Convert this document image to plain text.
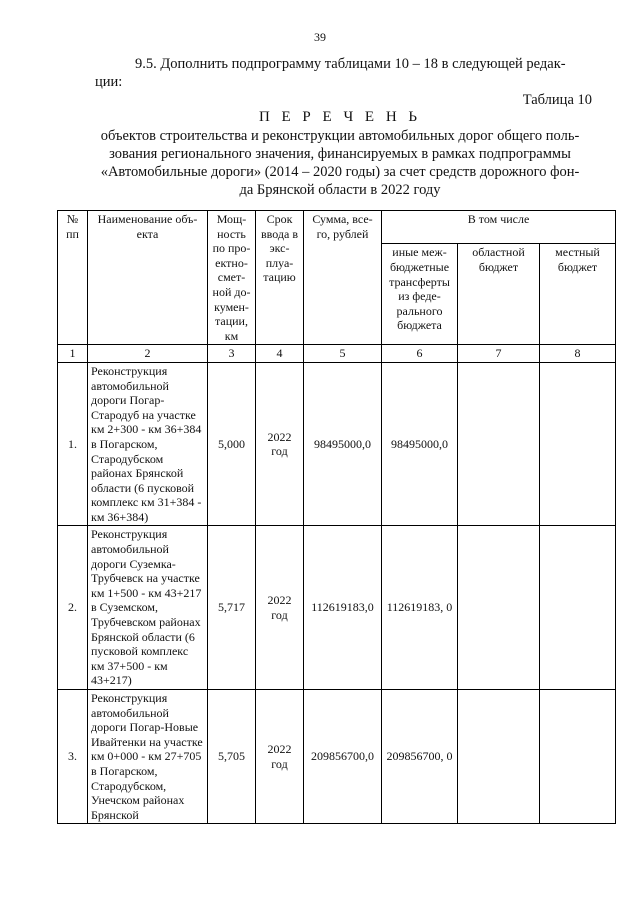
39
9.5. Дополнить подпрограмму таблицами 10 – 18 в следующей редак-
ции:
Таблица 10
П Е Р Е Ч Е Н Ь
объектов строительства и реконструкции автомобильных дорог общего поль-
зования регионального значения, финансируемых в рамках подпрограммы
«Автомобильные дороги» (2014 – 2020 годы) за счет средств дорожного фон-
да Брянской области в 2022 году
№ пп	Наименование объ- екта	Мощ- ность по про- ектно- смет- ной до- кумен- тации, км	Срок ввода в экс- плуа- тацию	Сумма, все- го, рублей	В том числе		
					иные меж- бюджетные трансферты из феде- рального бюджета	областной бюджет	местный бюджет
1	2	3	4	5	6	7	8
1.	Реконструкция автомобильной дороги Погар-Стародуб на участке км 2+300 - км 36+384 в Погарском, Стародубском районах Брянской области (6 пусковой комплекс км 31+384 - км 36+384)	5,000	2022 год	98495000,0	98495000,0		
2.	Реконструкция автомобильной дороги Суземка-Трубчевск на участке км 1+500 - км 43+217 в Суземском, Трубчевском районах Брянской области (6 пусковой комплекс км 37+500 - км 43+217)	5,717	2022 год	112619183,0	112619183, 0		
3.	Реконструкция автомобильной дороги Погар-Новые Ивайтенки на участке км 0+000 - км 27+705 в Погарском, Стародубском, Унечском районах Брянской	5,705	2022 год	209856700,0	209856700, 0		
